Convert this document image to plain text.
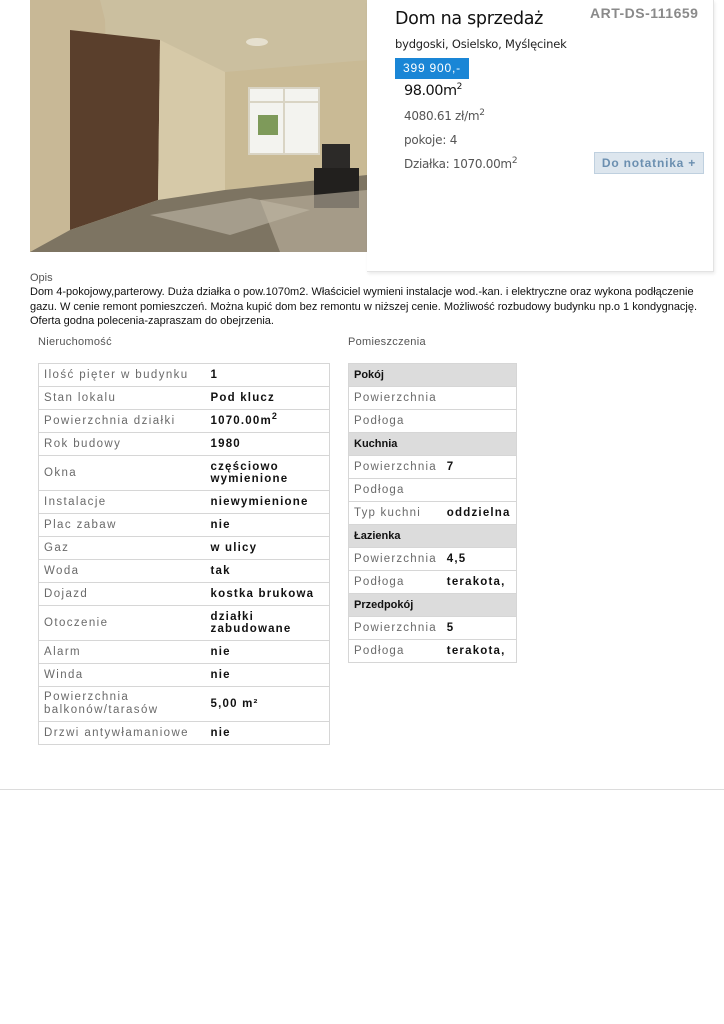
ART-DS-111659
Dom na sprzedaż
bydgoski, Osielsko, Myślęcinek
399 900,-
$98.00m^2$
4080.61 $zł/m^2$
pokoje: 4
Działka: $1070.00m^2$	Do notatnika +
Opis
Dom 4-pokojowy,parterowy. Duża działka o pow.1070m2. Właściciel wymieni instalacje wod.-kan. i elektryczne oraz wykona podłączenie gazu. W cenie remont pomieszczeń. Można kupić dom bez remontu w niższej cenie. Możliwość rozbudowy budynku np.o 1 kondygnację. Oferta godna polecenia-zapraszam do obejrzenia.
Nieruchomość	Pomieszczenia
Ilość pięter w budynku	1
Stan lokalu	Pod klucz
Powierzchnia działki	$1070.00m^2$
Rok budowy	1980
Okna	częściowo wymienione
Instalacje	niewymienione
Plac zabaw	nie
Gaz	w ulicy
Woda	tak
Dojazd	kostka brukowa
Otoczenie	działki zabudowane
Alarm	nie
Winda	nie
Powierzchnia balkonów/tarasów	5,00 m²
Drzwi antywłamaniowe	nie
Pokój	
Powierzchnia	
Podłoga	
Kuchnia	
Powierzchnia	7
Podłoga	
Typ kuchni	oddzielna
Łazienka	
Powierzchnia	4,5
Podłoga	terakota,
Przedpokój	
Powierzchnia	5
Podłoga	terakota,
